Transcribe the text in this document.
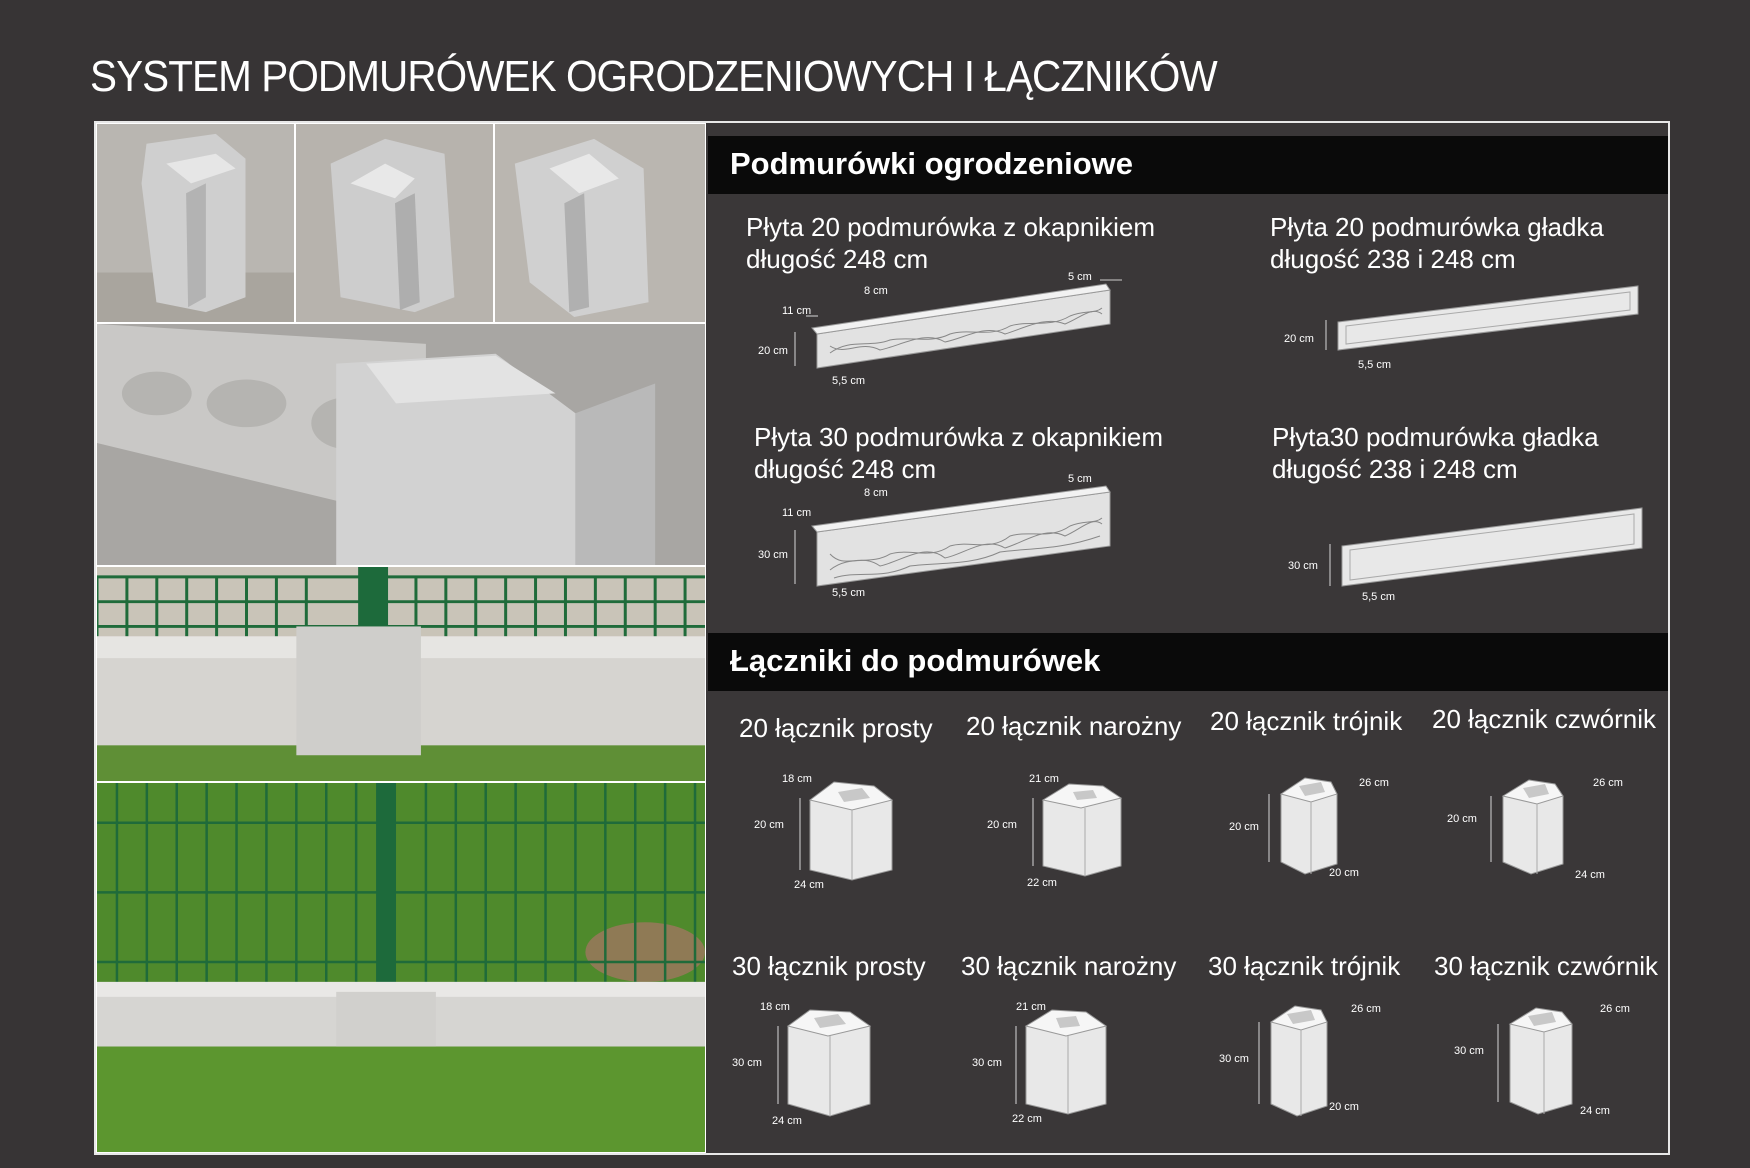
SYSTEM PODMURÓWEK OGRODZENIOWYCH I ŁĄCZNIKÓW
Podmurówki ogrodzeniowe
Łączniki do podmurówek
Płyta 20 podmurówka z okapnikiem
długość 248 cm
Płyta 20 podmurówka gładka
długość 238 i 248 cm
Płyta 30 podmurówka z okapnikiem
długość 248 cm
Płyta30 podmurówka gładka
długość 238 i 248 cm
5 cm
8 cm
11 cm
20 cm
5,5 cm
20 cm
5,5 cm
5 cm
8 cm
11 cm
30 cm
5,5 cm
30 cm
5,5 cm
20 łącznik prosty 20 łącznik narożny 20 łącznik trójnik 20 łącznik czwórnik
30 łącznik prosty 30 łącznik narożny 30 łącznik trójnik 30 łącznik czwórnik
18 cm
20 cm
24 cm
21 cm
20 cm
22 cm
26 cm
20 cm
20 cm
26 cm
20 cm
24 cm
18 cm
30 cm
24 cm
21 cm
30 cm
22 cm
26 cm
30 cm
20 cm
26 cm
30 cm
24 cm
